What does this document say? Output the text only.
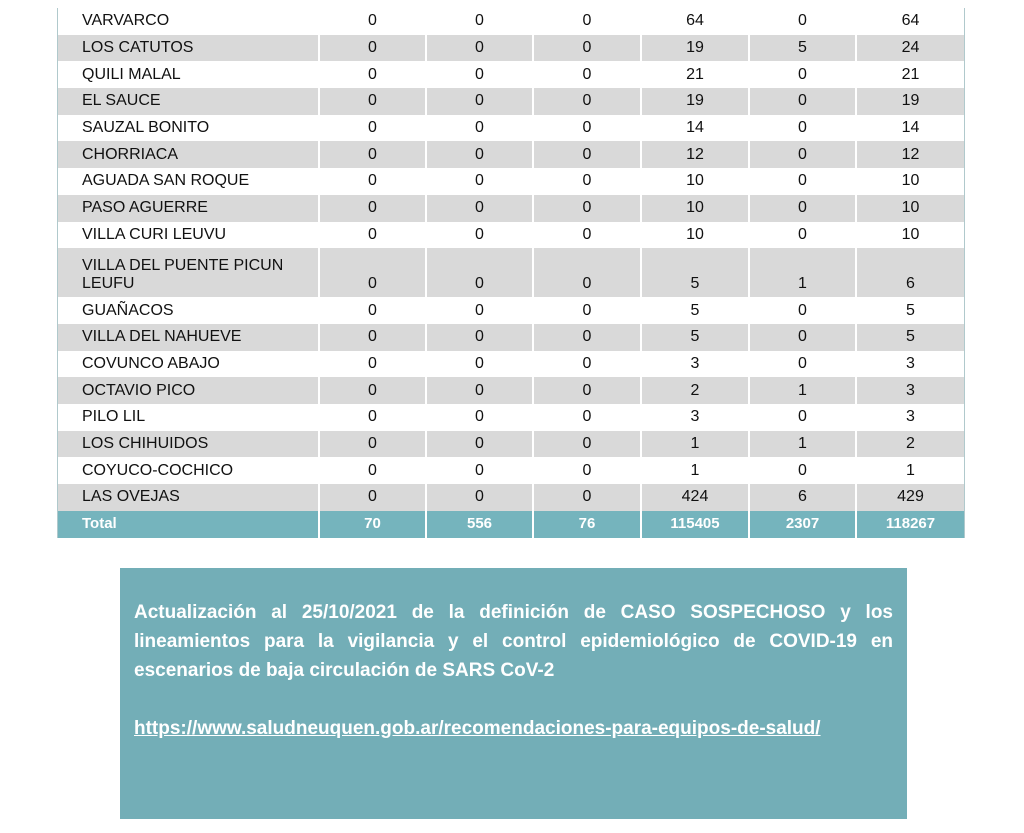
VARVARCO	0	0	0	64	0	64
LOS CATUTOS	0	0	0	19	5	24
QUILI MALAL	0	0	0	21	0	21
EL SAUCE	0	0	0	19	0	19
SAUZAL BONITO	0	0	0	14	0	14
CHORRIACA	0	0	0	12	0	12
AGUADA SAN ROQUE	0	0	0	10	0	10
PASO AGUERRE	0	0	0	10	0	10
VILLA CURI LEUVU	0	0	0	10	0	10
VILLA DEL PUENTE PICUN LEUFU	0	0	0	5	1	6
GUAÑACOS	0	0	0	5	0	5
VILLA DEL NAHUEVE	0	0	0	5	0	5
COVUNCO ABAJO	0	0	0	3	0	3
OCTAVIO PICO	0	0	0	2	1	3
PILO LIL	0	0	0	3	0	3
LOS CHIHUIDOS	0	0	0	1	1	2
COYUCO-COCHICO	0	0	0	1	0	1
LAS OVEJAS	0	0	0	424	6	429
Total	70	556	76	115405	2307	118267

Actualización al 25/10/2021 de la definición de CASO SOSPECHOSO y los lineamientos para la vigilancia y el control epidemiológico de COVID-19 en escenarios de baja circulación de SARS CoV-2

https://www.saludneuquen.gob.ar/recomendaciones-para-equipos-de-salud/
